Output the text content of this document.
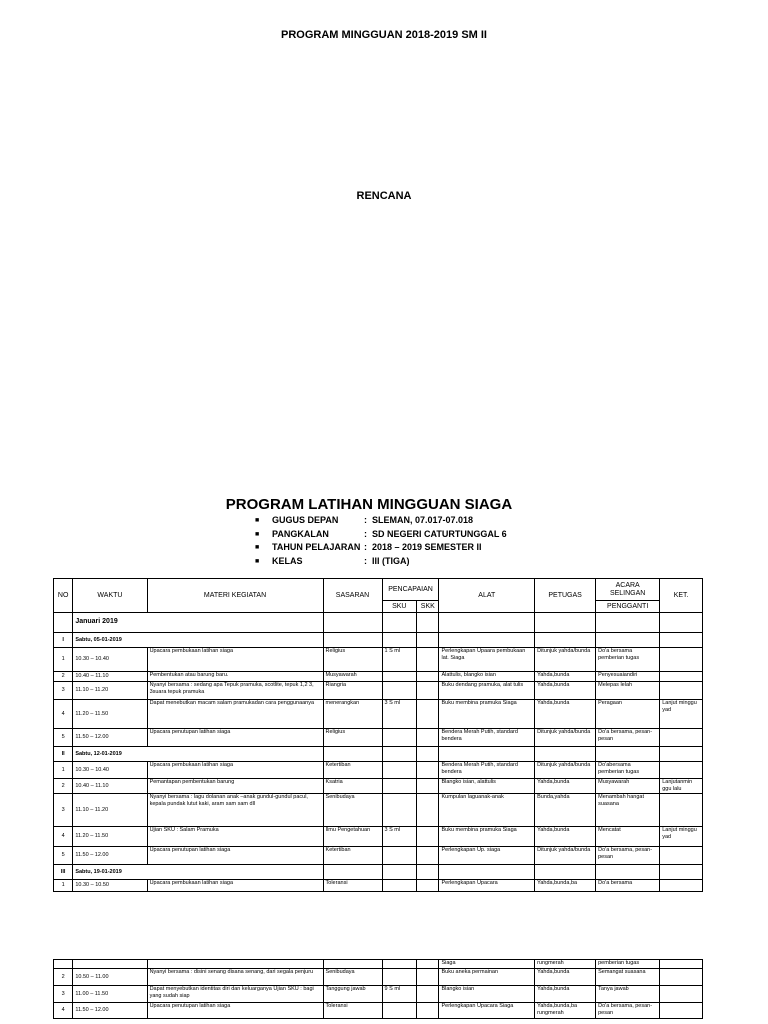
PROGRAM MINGGUAN 2018-2019 SM II
RENCANA
PROGRAM LATIHAN MINGGUAN SIAGA
■ GUGUS DEPAN	: SLEMAN, 07.017-07.018
■ PANGKALAN	: SD NEGERI CATURTUNGGAL 6
■ TAHUN PELAJARAN : 2018 – 2019 SEMESTER II
■ KELAS	: III (TIGA)
NO	WAKTU	MATERI KEGIATAN	SASARAN	PENCAPAIAN		ALAT	PETUGAS	ACARA SELINGAN	KET.
				SKU	SKK			PENGGANTI	
	Januari 2019								
I	Sabtu, 05-01-2019								
1	10.30 – 10.40	Upacara pembukaan latihan siaga	Religius	1 S ml		Perlengkapan Upaara pembukaan lat. Siaga	Ditunjuk yahda/bunda	Do'a bersama pemberian tugas	
2	10.40 – 11.10	Pembentukan atau barung baru.	Musyawarah			Alattulis, blangko isian	Yahda,bunda	Penyesuaiandiri	
3	11.10 – 11.20	Nyanyi bersama : sedang apa Tepuk pramuka, scotlite, tepuk 1,2 3, 3suara tepuk pramuka	Riangria			Buku dendang pramuka, alat tulis	Yahda,bunda	Melepas lelah	
4	11.20 – 11.50	Dapat menebutkan macam salam pramukadan cara penggunaanya	menerangkan	3 S ml		Buku membina pramuka Siaga	Yahda,bunda	Peragaan	Lanjut minggu yad
5	11.50 – 12.00	Upacara penutupan latihan siaga	Religius			Bendera Merah Putih, standard bendera	Ditunjuk yahda/bunda	Do'a bersama, pesan-pesan	
II	Sabtu, 12-01-2019								
1	10.30 – 10.40	Upacara pembukaan latihan siaga	Ketertiban			Bendera Merah Putih, standard bendera	Ditunjuk yahda/bunda	Do'abersama pemberian tugas	
2	10.40 – 11.10	Pemantapan pembentukan barung	Ksatria			Blangko isian, alattulis	Yahda,bunda	Musyawarah	Lanjutanmin ggu lalu
3	11.10 – 11.20	Nyanyi bersama : lagu dolanan anak –anak gundul-gundul pacul, kepala pundak lutut kaki, aram sam sam dll	Senibudaya			Kumpulan laguanak-anak	Bunda,yahda	Menambah hangat suasana	
4	11.20 – 11.50	Ujian SKU : Salam Pramuka	Ilmu Pengetahuan	3 S ml		Buku membina pramuka Siaga	Yahda,bunda	Mencatat	Lanjut minggu yad
5	11.50 – 12.00	Upacara penutupan latihan siaga	Ketertiban			Perlengkapan Up. siaga	Ditunjuk yahda/bunda	Do'a bersama, pesan-pesan	
III	Sabtu, 19-01-2019								
1	10.30 – 10.50	Upacara pembukaan latihan siaga	Toleransi			Perlengkapan Upacara	Yahda,bunda,ba	Do'a bersama	
						Siaga	rungmerah	pemberian tugas	
2	10.50 – 11.00	Nyanyi bersama : disini senang disana senang, dari segala penjuru	Senibudaya			Buku aneka permainan	Yahda,bunda	Semangat suasana	
3	11.00 – 11.50	Dapat menyebutkan identitas diri dan keluarganya Ujian SKU : bagi yang sudah siap	Tanggung jawab	9 S ml		Blangko isian	Yahda,bunda	Tanya jawab	
4	11.50 – 12.00	Upacara penutupan latihan siaga	Toleransi			Perlengkapan Upacara Siaga	Yahda,bunda,ba rungmerah	Do'a bersama, pesan-pesan	
